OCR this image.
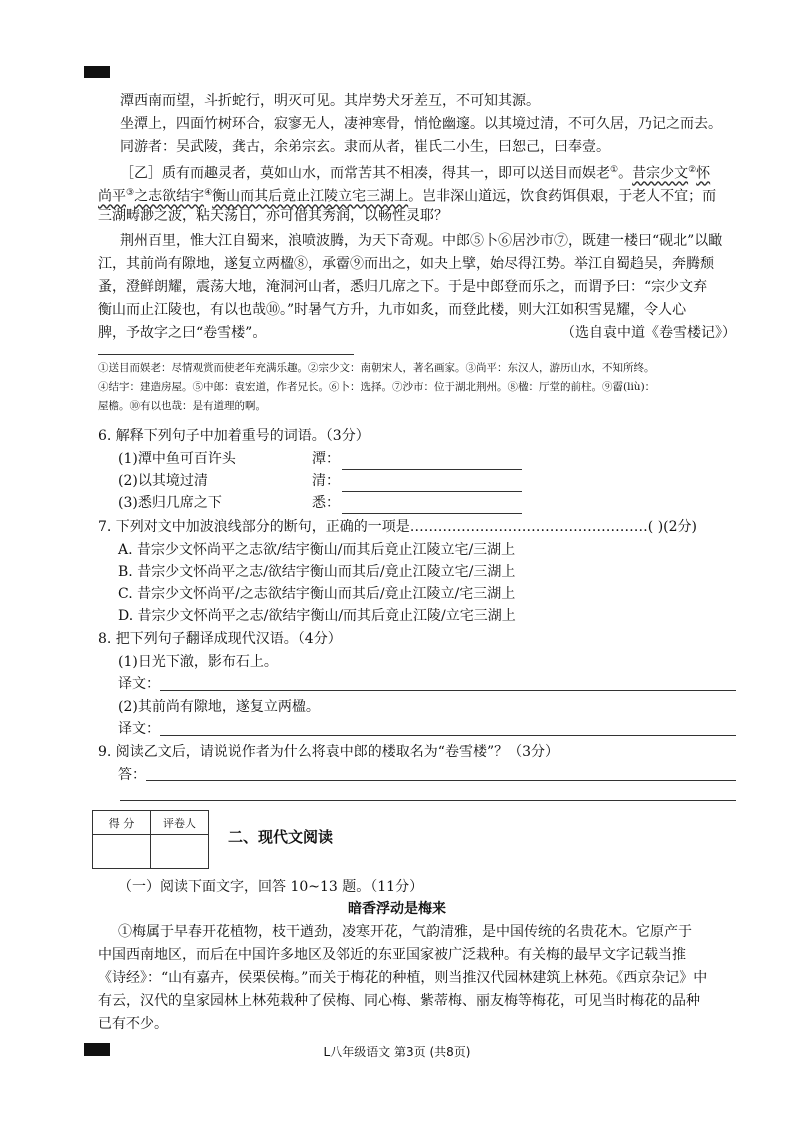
潭西南而望，斗折蛇行，明灭可见。其岸势犬牙差互，不可知其源。
坐潭上，四面竹树环合，寂寥无人，凄神寒骨，悄怆幽邃。以其境过清，不可久居，乃记之而去。
同游者：吴武陵，龚古，余弟宗玄。隶而从者，崔氏二小生，曰恕己，曰奉壹。
［乙］质有而趣灵者，莫如山水，而常苦其不相凑，得其一，即可以送目而娱老①。昔宗少文②怀
尚平③之志欲结宇④衡山而其后竟止江陵立宅三湖上。岂非深山道远，饮食药饵俱艰，于老人不宜；而
三湖畴渺之波，粘天荡日，亦可借其秀润，以畅性灵耶？
荆州百里，惟大江自蜀来，浪喷波腾，为天下奇观。中郎⑤卜⑥居沙市⑦，既建一楼曰“砚北”以瞰
江，其前尚有隙地，遂复立两楹⑧，承霤⑨而出之，如夬上擘，始尽得江势。举江自蜀趋吴，奔腾颓
蚤，澄鲜朗耀，震荡大地，淹洞河山者，悉归几席之下。于是中郎登而乐之，而谓予曰：“宗少文弃
衡山而止江陵也，有以也哉⑩。”时暑气方升，九市如炙，而登此楼，则大江如积雪晃耀，令人心
脾，予故字之曰“卷雪楼”。	（选自袁中道《卷雪楼记》）
①送目而娱老：尽情观赏而使老年充满乐趣。②宗少文：南朝宋人，著名画家。③尚平：东汉人，游历山水，不知所终。
④结宇：建造房屋。⑤中郎：袁宏道，作者兄长。⑥卜：选择。⑦沙市：位于湖北荆州。⑧楹：厅堂的前柱。⑨霤(liù)：
屋檐。⑩有以也哉：是有道理的啊。
6. 解释下列句子中加着重号的词语。（3分）
(1)潭中鱼可百许头	潭：
(2)以其境过清	清：
(3)悉归几席之下	悉：
7. 下列对文中加波浪线部分的断句，正确的一项是……………………………………………( )(2分)
A. 昔宗少文怀尚平之志欲/结宇衡山/而其后竟止江陵立宅/三湖上
B. 昔宗少文怀尚平之志/欲结宇衡山而其后/竟止江陵立宅/三湖上
C. 昔宗少文怀尚平/之志欲结宇衡山而其后/竟止江陵立/宅三湖上
D. 昔宗少文怀尚平之志/欲结宇衡山/而其后竟止江陵/立宅三湖上
8. 把下列句子翻译成现代汉语。（4分）
(1)日光下澈，影布石上。
译文：
(2)其前尚有隙地，遂复立两楹。
译文：
9. 阅读乙文后，请说说作者为什么将袁中郎的楼取名为“卷雪楼”？（3分）
答：
得 分	评卷人

二、现代文阅读
（一）阅读下面文字，回答 10~13 题。（11分）
暗香浮动是梅来
①梅属于早春开花植物，枝干遒劲，凌寒开花，气韵清雅，是中国传统的名贵花木。它原产于
中国西南地区，而后在中国许多地区及邻近的东亚国家被广泛栽种。有关梅的最早文字记载当推
《诗经》：“山有嘉卉，侯栗侯梅。”而关于梅花的种植，则当推汉代园林建筑上林苑。《西京杂记》中
有云，汉代的皇家园林上林苑栽种了侯梅、同心梅、紫蒂梅、丽友梅等梅花，可见当时梅花的品种
已有不少。
L八年级语文 第3页 (共8页)
